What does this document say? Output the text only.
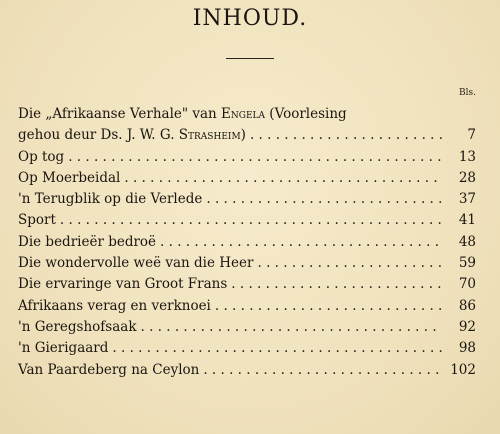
INHOUD.
Bls.
Die „Afrikaanse Verhale" van Engela (Voorlesing
gehou deur Ds. J. W. G. Strasheim) . . .	7
Op tog . . .	13
Op Moerbeidal . . .	28
'n Terugblik op die Verlede . . .	37
Sport . . .	41
Die bedrieër bedroë . . .	48
Die wondervolle weë van die Heer . . .	59
Die ervaringe van Groot Frans . . .	70
Afrikaans verag en verknoei . . .	86
'n Geregshofsaak . . .	92
'n Gierigaard . . .	98
Van Paardeberg na Ceylon . . .	102
